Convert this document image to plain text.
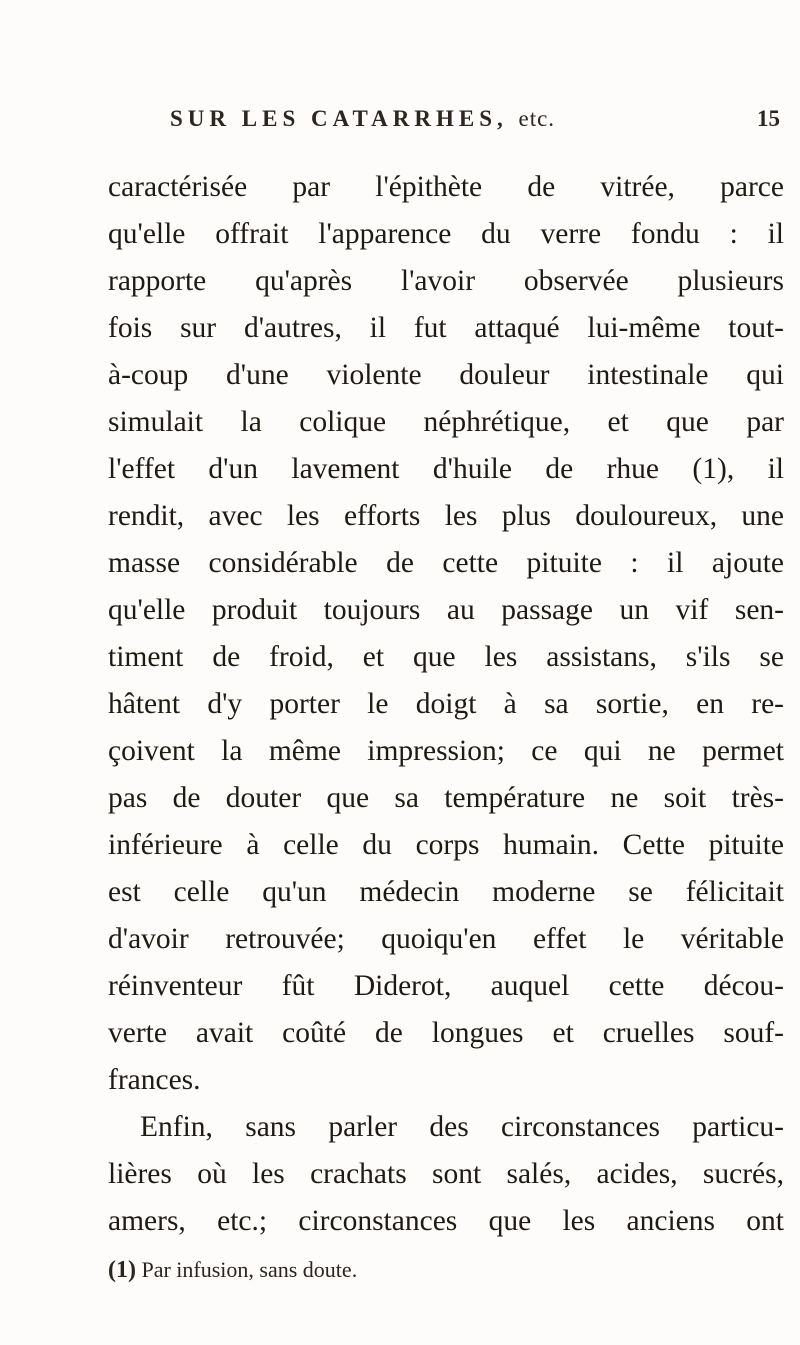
SUR LES CATARRHES, etc.	15
caractérisée par l'épithète de vitrée, parce
qu'elle offrait l'apparence du verre fondu : il
rapporte qu'après l'avoir observée plusieurs
fois sur d'autres, il fut attaqué lui-même tout-
à-coup d'une violente douleur intestinale qui
simulait la colique néphrétique, et que par
l'effet d'un lavement d'huile de rhue (1), il
rendit, avec les efforts les plus douloureux, une
masse considérable de cette pituite : il ajoute
qu'elle produit toujours au passage un vif sen-
timent de froid, et que les assistans, s'ils se
hâtent d'y porter le doigt à sa sortie, en re-
çoivent la même impression; ce qui ne permet
pas de douter que sa température ne soit très-
inférieure à celle du corps humain. Cette pituite
est celle qu'un médecin moderne se félicitait
d'avoir retrouvée; quoiqu'en effet le véritable
réinventeur fût Diderot, auquel cette décou-
verte avait coûté de longues et cruelles souf-
frances.
Enfin, sans parler des circonstances particu-
lières où les crachats sont salés, acides, sucrés,
amers, etc.; circonstances que les anciens ont
(1) Par infusion, sans doute.
